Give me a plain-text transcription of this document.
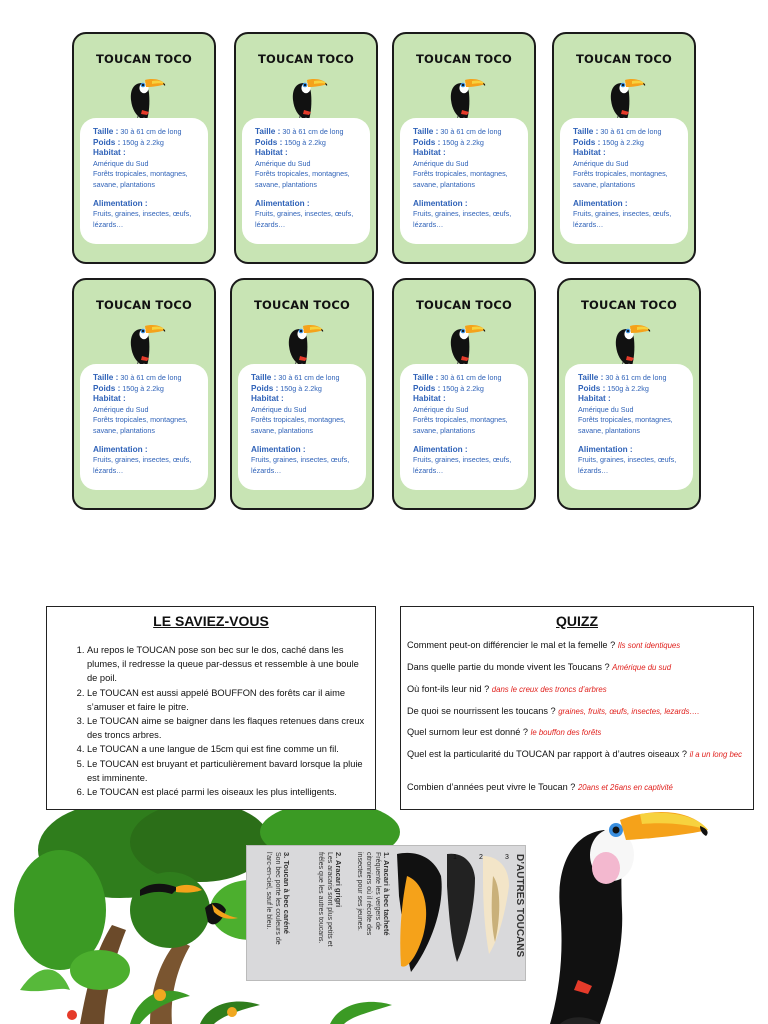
TOUCAN TOCO
Taille : 30 à 61 cm de long
Poids : 150g à 2.2kg
Habitat :
Amérique du Sud
Forêts tropicales, montagnes,
savane, plantations
Alimentation :
Fruits, graines, insectes, œufs,
lézards…
TOUCAN TOCO
Taille : 30 à 61 cm de long
Poids : 150g à 2.2kg
Habitat :
Amérique du Sud
Forêts tropicales, montagnes,
savane, plantations
Alimentation :
Fruits, graines, insectes, œufs,
lézards…
TOUCAN TOCO
Taille : 30 à 61 cm de long
Poids : 150g à 2.2kg
Habitat :
Amérique du Sud
Forêts tropicales, montagnes,
savane, plantations
Alimentation :
Fruits, graines, insectes, œufs,
lézards…
TOUCAN TOCO
Taille : 30 à 61 cm de long
Poids : 150g à 2.2kg
Habitat :
Amérique du Sud
Forêts tropicales, montagnes,
savane, plantations
Alimentation :
Fruits, graines, insectes, œufs,
lézards…
TOUCAN TOCO
Taille : 30 à 61 cm de long
Poids : 150g à 2.2kg
Habitat :
Amérique du Sud
Forêts tropicales, montagnes,
savane, plantations
Alimentation :
Fruits, graines, insectes, œufs,
lézards…
TOUCAN TOCO
Taille : 30 à 61 cm de long
Poids : 150g à 2.2kg
Habitat :
Amérique du Sud
Forêts tropicales, montagnes,
savane, plantations
Alimentation :
Fruits, graines, insectes, œufs,
lézards…
TOUCAN TOCO
Taille : 30 à 61 cm de long
Poids : 150g à 2.2kg
Habitat :
Amérique du Sud
Forêts tropicales, montagnes,
savane, plantations
Alimentation :
Fruits, graines, insectes, œufs,
lézards…
TOUCAN TOCO
Taille : 30 à 61 cm de long
Poids : 150g à 2.2kg
Habitat :
Amérique du Sud
Forêts tropicales, montagnes,
savane, plantations
Alimentation :
Fruits, graines, insectes, œufs,
lézards…
D’AUTRES TOUCANS
1. Aracari à bec tacheté
Fréquente les vergers de
citronniers où il récolte des
insectes pour ses jeunes.
2. Aracari grigri
Les aracaris sont plus petits et
frêles que les autres toucans.
3. Toucan à bec caréné
Son bec porte les couleurs de
l’arc-en-ciel, sauf le bleu.	1	2	3
LE SAVIEZ-VOUS
1. Au repos le TOUCAN pose son bec sur le dos, caché dans les plumes, il redresse la queue par-dessus et ressemble à une boule de poil.
2. Le TOUCAN est aussi appelé BOUFFON des forêts car il aime s’amuser et faire le pitre.
3. Le TOUCAN aime se baigner dans les flaques retenues dans creux des troncs arbres.
4. Le TOUCAN a une langue de 15cm qui est fine comme un fil.
5. Le TOUCAN est bruyant et particulièrement bavard lorsque la pluie est imminente.
6. Le TOUCAN est placé parmi les oiseaux les plus intelligents.
QUIZZ
Comment peut-on différencier le mal et la femelle ? Ils sont identiques
Dans quelle partie du monde vivent les Toucans ? Amérique du sud
Où font-ils leur nid ? dans le creux des troncs d’arbres
De quoi se nourrissent les toucans ? graines, fruits, œufs, insectes, lezards….
Quel surnom leur est donné ? le bouffon des forêts
Quel est la particularité du TOUCAN par rapport à d’autres oiseaux ? il a un long bec
Combien d’années peut vivre le Toucan ? 20ans et 26ans en captivité
